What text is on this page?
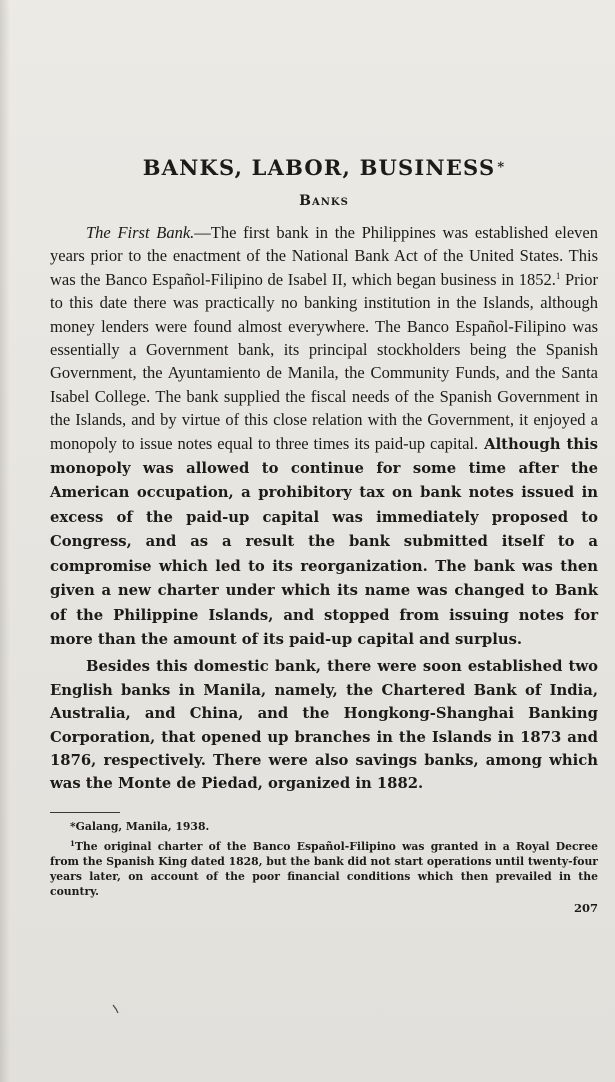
BANKS, LABOR, BUSINESS *
Banks

The First Bank.—The first bank in the Philippines was established eleven years prior to the enactment of the National Bank Act of the United States. This was the Banco Español-Filipino de Isabel II, which began business in 1852.$^1$ Prior to this date there was practically no banking institution in the Islands, although money lenders were found almost everywhere. The Banco Español-Filipino was essentially a Government bank, its principal stockholders being the Spanish Government, the Ayuntamiento de Manila, the Community Funds, and the Santa Isabel College. The bank supplied the fiscal needs of the Spanish Government in the Islands, and by virtue of this close relation with the Government, it enjoyed a monopoly to issue notes equal to three times its paid-up capital. Although this monopoly was allowed to continue for some time after the American occupation, a prohibitory tax on bank notes issued in excess of the paid-up capital was immediately proposed to Congress, and as a result the bank submitted itself to a compromise which led to its reorganization. The bank was then given a new charter under which its name was changed to Bank of the Philippine Islands, and stopped from issuing notes for more than the amount of its paid-up capital and surplus.

Besides this domestic bank, there were soon established two English banks in Manila, namely, the Chartered Bank of India, Australia, and China, and the Hongkong-Shanghai Banking Corporation, that opened up branches in the Islands in 1873 and 1876, respectively. There were also savings banks, among which was the Monte de Piedad, organized in 1882.

*Galang, Manila, 1938.

$^1$The original charter of the Banco Español-Filipino was granted in a Royal Decree from the Spanish King dated 1828, but the bank did not start operations until twenty-four years later, on account of the poor financial conditions which then prevailed in the country.

207
